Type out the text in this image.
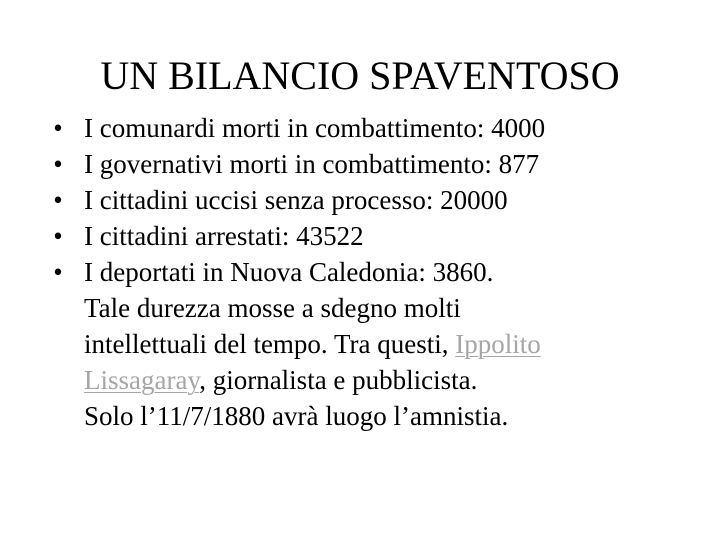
UN BILANCIO SPAVENTOSO
• I comunardi morti in combattimento: 4000
• I governativi morti in combattimento: 877
• I cittadini uccisi senza processo: 20000
• I cittadini arrestati: 43522
• I deportati in Nuova Caledonia: 3860.
Tale durezza mosse a sdegno molti
intellettuali del tempo. Tra questi, Ippolito
Lissagaray, giornalista e pubblicista.
Solo l’11/7/1880 avrà luogo l’amnistia.
